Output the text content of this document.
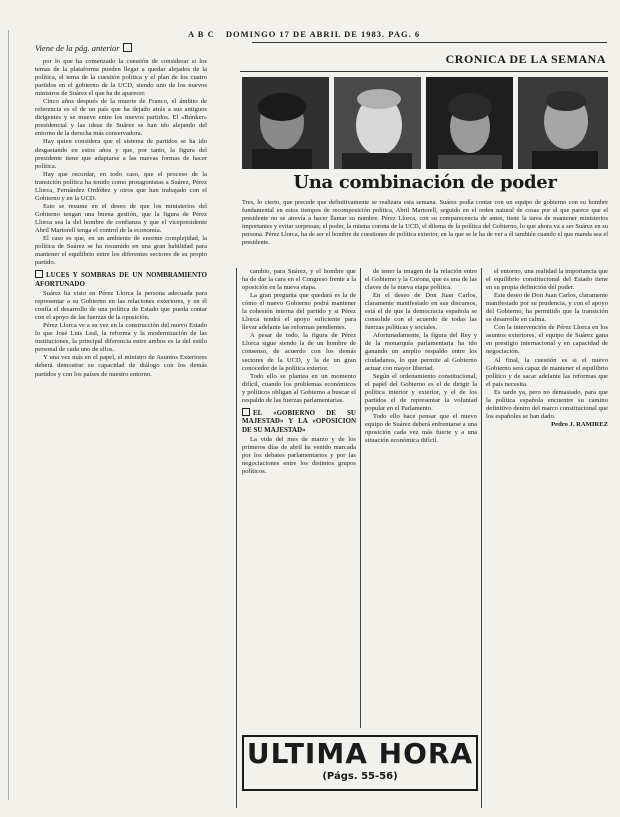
A B C DOMINGO 17 DE ABRIL DE 1983. PAG. 6
Viene de la pág. anterior
CRONICA DE LA SEMANA
Una combinación de poder
Tres, lo cierto, que precede que definitivamente se realizara esta semana. Suárez podía contar con un equipo de gobierno con su hombre fundamental en estos tiempos de recomposición política, Abril Martorell, seguido en el orden natural de cosas por el que parece que el presidente no se atrevía a hacer llamar su nombre. Pérez Llorca, con su comparecencia de antes, tiene la tarea de mantener ministerios importantes y evitar sorpresas; el poder, la misma corona de la UCD, el dilema de la política del Gobierno, lo que ahora va a ser Suárez en su persona. Pérez Llorca, ha de ser el hombre de cuestiones de política exterior, en la que se le ha de ver a él también cuando el que manda sea el presidente.

por lo que ha comenzado la cuestión de considerar si los temas de la plataforma pueden llegar a quedar alejados de la política, el tema de la cuestión política y el plan de los cuatro partidos en el gobierno de la UCD, siendo uno de los nuevos ministros de Suárez el que ha de aparecer.

Cinco años después de la muerte de Franco, el ámbito de referencia es el de un país que ha dejado atrás a sus antiguos dirigentes y se mueve entre los nuevos partidos. El «Búnker» presidencial y las ideas de Suárez se han ido alejando del entorno de la derecha más conservadora.

Hay quien considera que el sistema de partidos se ha ido desgastando en estos años y que, por tanto, la figura del presidente tiene que adaptarse a las nuevas formas de hacer política.

Hay que recordar, en todo caso, que el proceso de la transición política ha tenido como protagonistas a Suárez, Pérez Llorca, Fernández Ordóñez y otros que han trabajado con el Gobierno y en la UCD.

Esto se resume en el deseo de que los ministerios del Gobierno tengan una buena gestión, que la figura de Pérez Llorca sea la del hombre de confianza y que el vicepresidente Abril Martorell tenga el control de la economía.

El caso es que, en un ambiente de enorme complejidad, la política de Suárez se ha resumido en una gran habilidad para mantener el equilibrio entre los diferentes sectores de su propio partido.

LUCES Y SOMBRAS DE UN NOMBRAMIENTO AFORTUNADO

Suárez ha visto en Pérez Llorca la persona adecuada para representar a su Gobierno en las relaciones exteriores, y en él confía el desarrollo de una política de Estado que pueda contar con el apoyo de las fuerzas de la oposición.

Pérez Llorca ve a su vez en la construcción del nuevo Estado lo que José Luis Leal, la reforma y la modernización de las instituciones, la principal diferencia entre ambos es la del estilo personal de cada uno de ellos.

Y una vez más en el papel, el ministro de Asuntos Exteriores deberá demostrar su capacidad de diálogo con los demás partidos y con los países de nuestro entorno.

cambio, para Suárez, y el hombre que ha de dar la cara en el Congreso frente a la oposición en la nueva etapa.

La gran pregunta que quedará es la de cómo el nuevo Gobierno podrá mantener la cohesión interna del partido y si Pérez Llorca tendrá el apoyo suficiente para llevar adelante las reformas pendientes.

A pesar de todo, la figura de Pérez Llorca sigue siendo la de un hombre de consenso, de acuerdo con los demás sectores de la UCD, y la de un gran conocedor de la política exterior.

Todo ello se plantea en un momento difícil, cuando los problemas económicos y políticos obligan al Gobierno a buscar el respaldo de las fuerzas parlamentarias.

EL «GOBIERNO DE SU MAJESTAD» Y LA «OPOSICION DE SU MAJESTAD»

La vida del mes de marzo y de los primeros días de abril ha venido marcada por los debates parlamentarios y por las negociaciones entre los distintos grupos políticos.

de tener la imagen de la relación entre el Gobierno y la Corona, que es una de las claves de la nueva etapa política.

En el deseo de Don Juan Carlos, claramente manifestado en sus discursos, está el de que la democracia española se consolide con el acuerdo de todas las fuerzas políticas y sociales.

Afortunadamente, la figura del Rey y de la monarquía parlamentaria ha ido ganando un amplio respaldo entre los ciudadanos, lo que permite al Gobierno actuar con mayor libertad.

Según el ordenamiento constitucional, el papel del Gobierno es el de dirigir la política interior y exterior, y el de los partidos el de representar la voluntad popular en el Parlamento.

Todo ello hace pensar que el nuevo equipo de Suárez deberá enfrentarse a una oposición cada vez más fuerte y a una situación económica difícil.

el entorno, una realidad la importancia que el equilibrio constitucional del Estado tiene en su propia definición del poder.

Este deseo de Don Juan Carlos, claramente manifestado por su prudencia, y con el apoyo del Gobierno, ha permitido que la transición se desarrolle en calma.

Con la intervención de Pérez Llorca en los asuntos exteriores, el equipo de Suárez gana en prestigio internacional y en capacidad de negociación.

Al final, la cuestión es si el nuevo Gobierno será capaz de mantener el equilibrio político y de sacar adelante las reformas que el país necesita.

Es tarde ya, pero no demasiado, para que la política española encuentre su camino definitivo dentro del marco constitucional que los españoles se han dado.

Pedro J. RAMIREZ

ULTIMA HORA
(Págs. 55-56)
